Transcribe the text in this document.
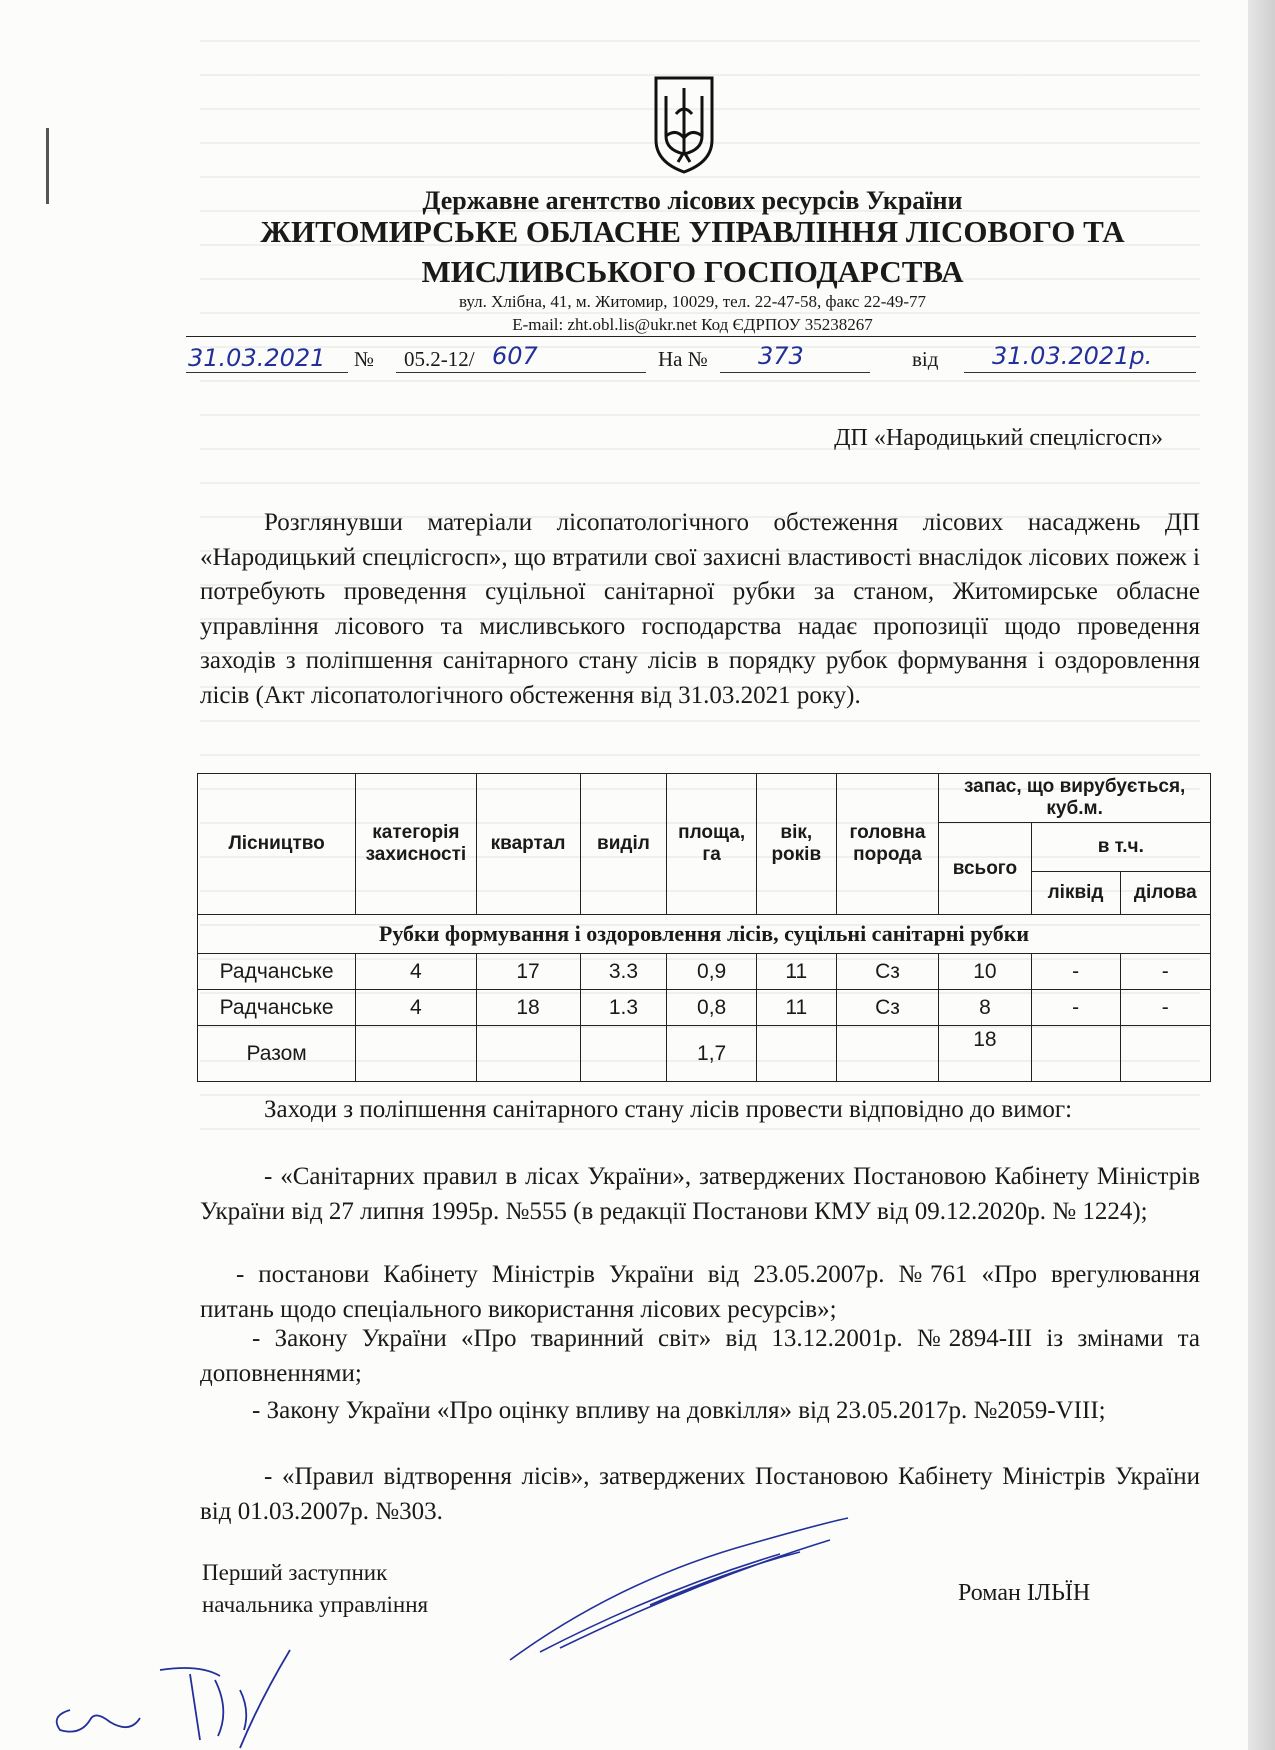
Державне агентство лісових ресурсів України
ЖИТОМИРСЬКЕ ОБЛАСНЕ УПРАВЛІННЯ ЛІСОВОГО ТА
МИСЛИВСЬКОГО ГОСПОДАРСТВА
вул. Хлібна, 41, м. Житомир, 10029, тел. 22-47-58, факс 22-49-77
E-mail: zht.obl.lis@ukr.net Код ЄДРПОУ 35238267
31.03.2021 № 05.2-12/ 607	На № 373	від 31.03.2021р.
ДП «Народицький спецлісгосп»
Розглянувши матеріали лісопатологічного обстеження лісових насаджень ДП «Народицький спецлісгосп», що втратили свої захисні властивості внаслідок лісових пожеж і потребують проведення суцільної санітарної рубки за станом, Житомирське обласне управління лісового та мисливського господарства надає пропозиції щодо проведення заходів з поліпшення санітарного стану лісів в порядку рубок формування і оздоровлення лісів (Акт лісопатологічного обстеження від 31.03.2021 року).
Лісництво	категорія захисності	квартал	виділ	площа, га	вік, років	головна порода	запас, що вирубується, куб.м.		
							всього	в т.ч.	
								ліквід	ділова
Рубки формування і оздоровлення лісів, суцільні санітарні рубки									
Радчанське	4	17	3.3	0,9	11	Сз	10	-	-
Радчанське	4	18	1.3	0,8	11	Сз	8	-	-
Разом				1,7			18		
Заходи з поліпшення санітарного стану лісів провести відповідно до вимог:
- «Санітарних правил в лісах України», затверджених Постановою Кабінету Міністрів України від 27 липня 1995р. №555 (в редакції Постанови КМУ від 09.12.2020р. № 1224);
- постанови Кабінету Міністрів України від 23.05.2007р. №761 «Про врегулювання питань щодо спеціального використання лісових ресурсів»;
- Закону України «Про тваринний світ» від 13.12.2001р. №2894-ІІІ із змінами та доповненнями;
- Закону України «Про оцінку впливу на довкілля» від 23.05.2017р. №2059-VIII;
- «Правил відтворення лісів», затверджених Постановою Кабінету Міністрів України від 01.03.2007р. №303.
Перший заступник
начальника управління	Роман ІЛЬЇН
